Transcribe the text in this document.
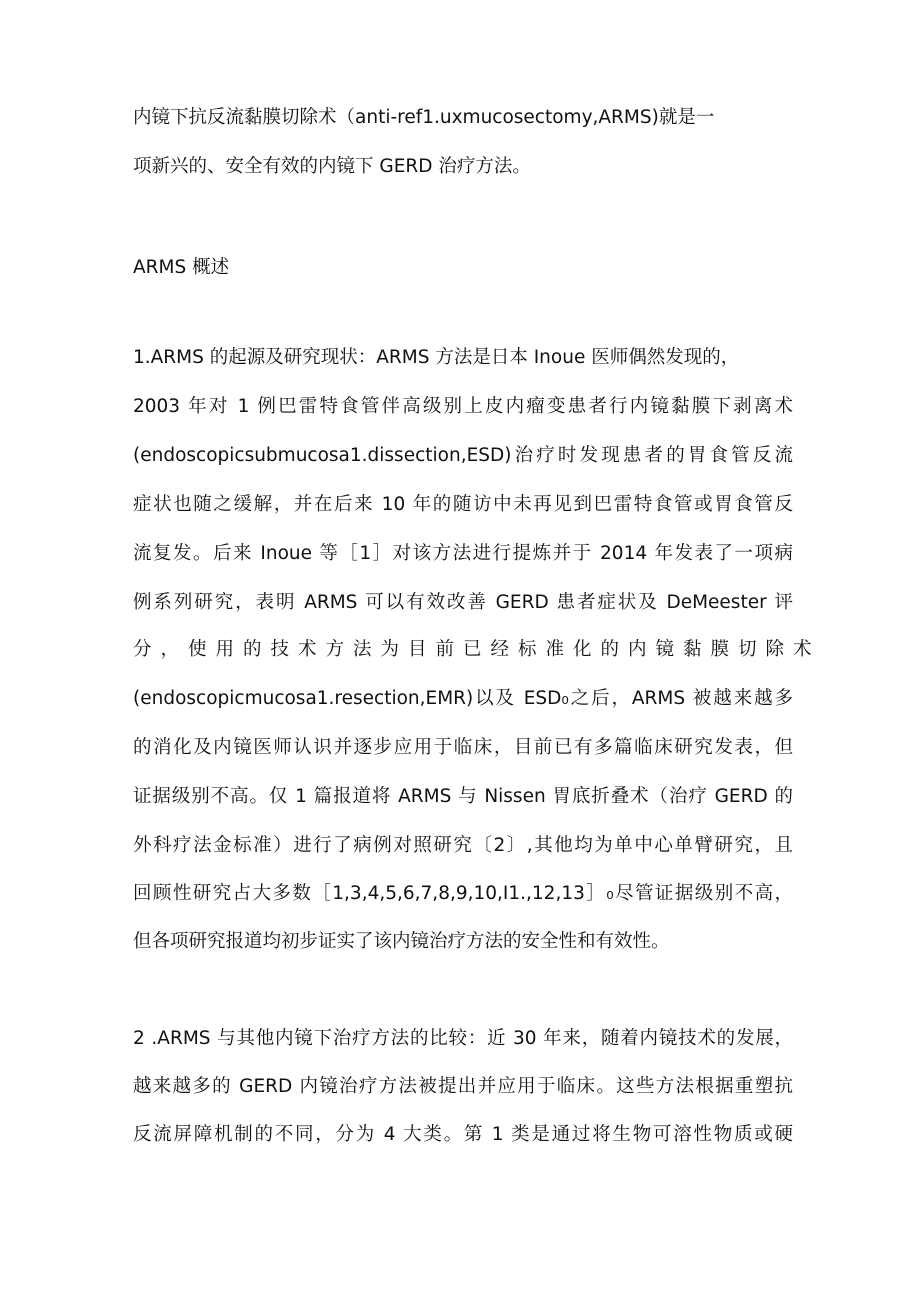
内镜下抗反流黏膜切除术（anti-ref1.uxmucosectomy,ARMS)就是一
项新兴的、安全有效的内镜下 GERD 治疗方法。
ARMS 概述
1.ARMS 的起源及研究现状：ARMS 方法是日本 Inoue 医师偶然发现的，
2003 年对 1 例巴雷特食管伴高级别上皮内瘤变患者行内镜黏膜下剥离术
(endoscopicsubmucosa1.dissection,ESD)治疗时发现患者的胃食管反流
症状也随之缓解，并在后来 10 年的随访中未再见到巴雷特食管或胃食管反
流复发。后来 Inoue 等［1］对该方法进行提炼并于 2014 年发表了一项病
例系列研究，表明 ARMS 可以有效改善 GERD 患者症状及 DeMeester 评
分，使用的技术方法为目前已经标准化的内镜黏膜切除术
(endoscopicmucosa1.resection,EMR)以及 ESD₀之后，ARMS 被越来越多
的消化及内镜医师认识并逐步应用于临床，目前已有多篇临床研究发表，但
证据级别不高。仅 1 篇报道将 ARMS 与 Nissen 胃底折叠术（治疗 GERD 的
外科疗法金标准）进行了病例对照研究〔2〕,其他均为单中心单臂研究，且
回顾性研究占大多数［1,3,4,5,6,7,8,9,10,I1.,12,13］₀尽管证据级别不高，
但各项研究报道均初步证实了该内镜治疗方法的安全性和有效性。
2 .ARMS 与其他内镜下治疗方法的比较：近 30 年来，随着内镜技术的发展，
越来越多的 GERD 内镜治疗方法被提出并应用于临床。这些方法根据重塑抗
反流屏障机制的不同，分为 4 大类。第 1 类是通过将生物可溶性物质或硬
